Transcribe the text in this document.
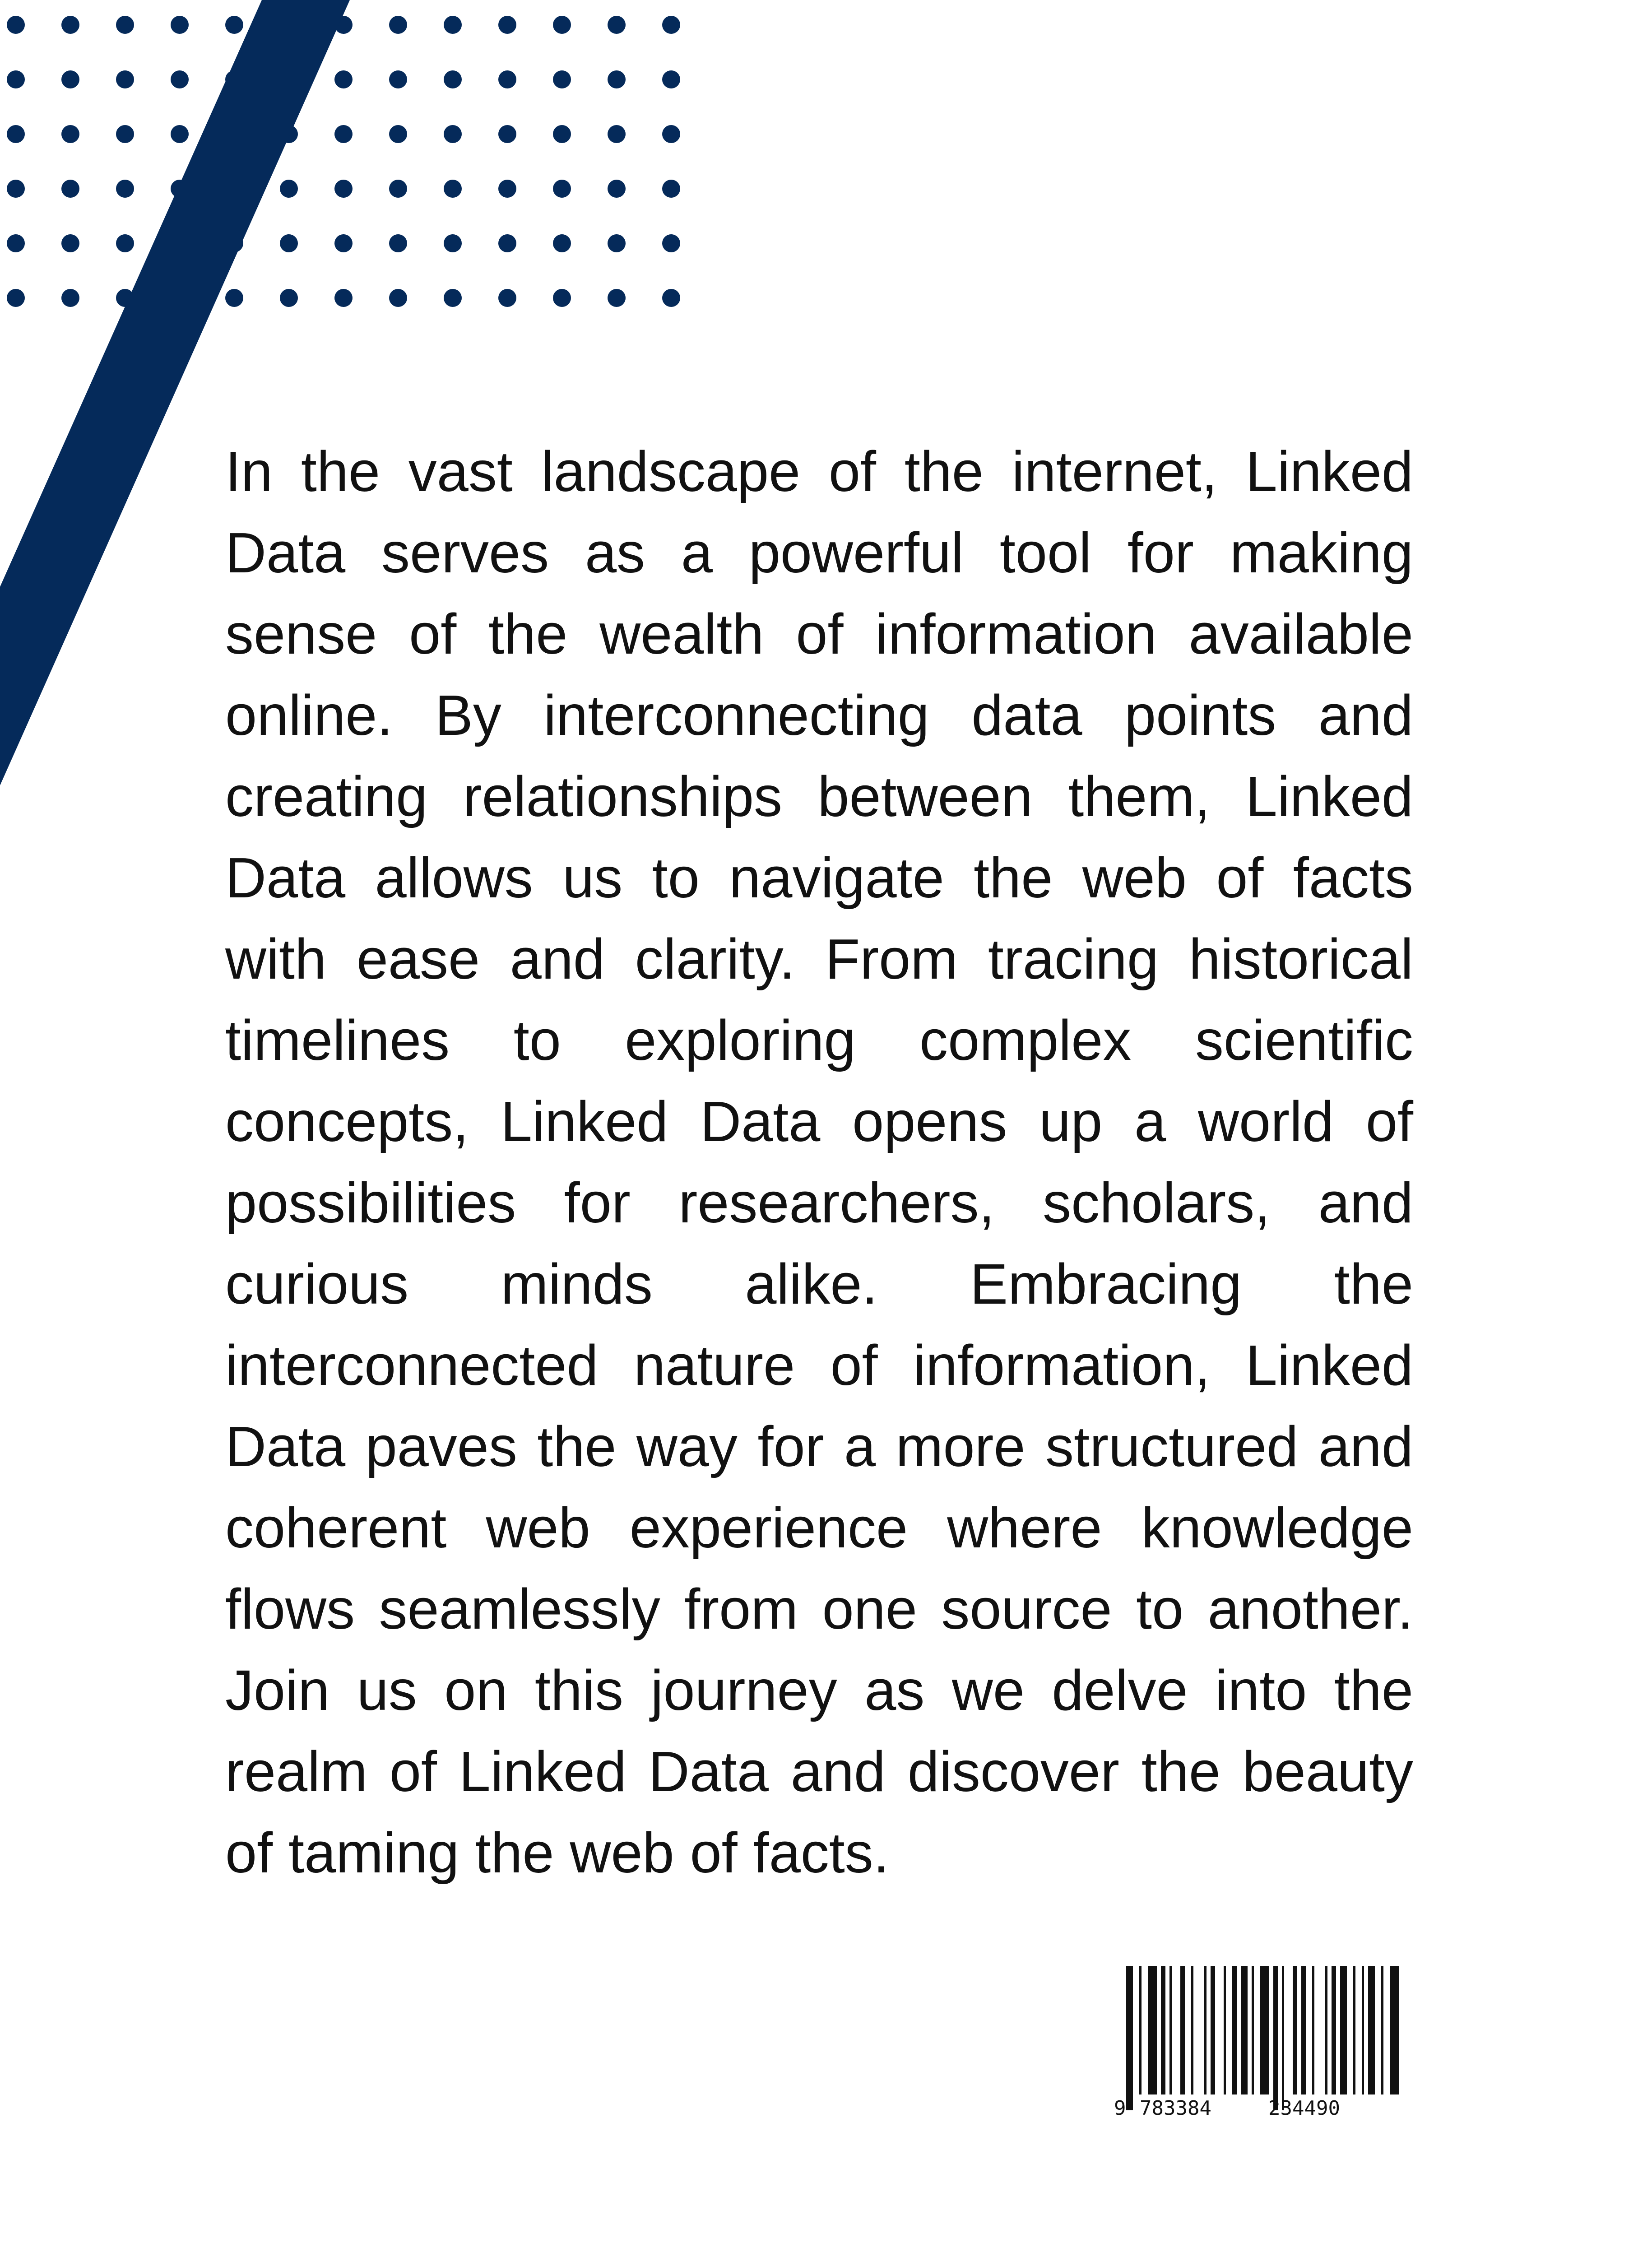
In the vast landscape of the internet, Linked Data serves as a powerful tool for making sense of the wealth of information available online. By interconnecting data points and creating relationships between them, Linked Data allows us to navigate the web of facts with ease and clarity. From tracing historical timelines to exploring complex scientific concepts, Linked Data opens up a world of possibilities for researchers, scholars, and curious minds alike. Embracing the interconnected nature of information, Linked Data paves the way for a more structured and coherent web experience where knowledge flows seamlessly from one source to another. Join us on this journey as we delve into the realm of Linked Data and discover the beauty of taming the web of facts.

9 783384	234490
